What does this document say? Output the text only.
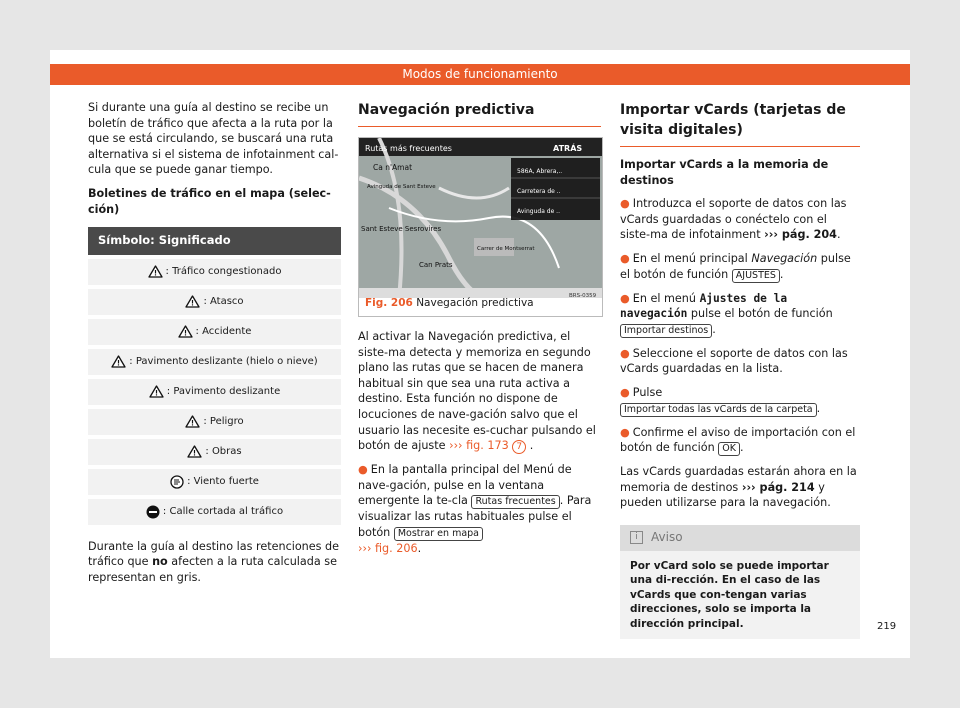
Modos de funcionamiento

Si durante una guía al destino se recibe un boletín de tráfico que afecta a la ruta por la que se está circulando, se buscará una ruta alternativa si el sistema de infotainment cal-cula que se puede ganar tiempo.

Boletines de tráfico en el mapa (selec-ción)

Símbolo: Significado
: Tráfico congestionado
: Atasco
: Accidente
: Pavimento deslizante (hielo o nieve)
: Pavimento deslizante
: Peligro
: Obras
: Viento fuerte
: Calle cortada al tráfico

Durante la guía al destino las retenciones de tráfico que no afecten a la ruta calculada se representan en gris.

Navegación predictiva
Rutas más frecuentes	ATRÁS
586A, Abrera,..
Carretera de ..
Avinguda de ..
Ca n'Amat
Avinguda de Sant Esteve
Sant Esteve Sesrovires
Carrer de Montserrat
Can Prats
BRS-0359
Fig. 206 Navegación predictiva

Al activar la Navegación predictiva, el siste-ma detecta y memoriza en segundo plano las rutas que se hacen de manera habitual sin que sea una ruta activa a destino. Esta función no dispone de locuciones de nave-gación salvo que el usuario las necesite es-cuchar pulsando el botón de ajuste ››› fig. 173 7 .

● En la pantalla principal del Menú de nave-gación, pulse en la ventana emergente la te-cla Rutas frecuentes . Para visualizar las rutas habituales pulse el botón Mostrar en mapa
››› fig. 206.

Importar vCards (tarjetas de visita digitales)

Importar vCards a la memoria de destinos

● Introduzca el soporte de datos con las vCards guardadas o conéctelo con el siste-ma de infotainment ››› pág. 204.

● En el menú principal Navegación pulse el botón de función AJUSTES .

● En el menú Ajustes de la navegación pulse el botón de función Importar destinos .

● Seleccione el soporte de datos con las vCards guardadas en la lista.

● Pulse Importar todas las vCards de la carpeta .

● Confirme el aviso de importación con el botón de función OK .

Las vCards guardadas estarán ahora en la memoria de destinos ››› pág. 214 y pueden utilizarse para la navegación.

i	Aviso
Por vCard solo se puede importar una di-rección. En el caso de las vCards que con-tengan varias direcciones, solo se importa la dirección principal.	219
